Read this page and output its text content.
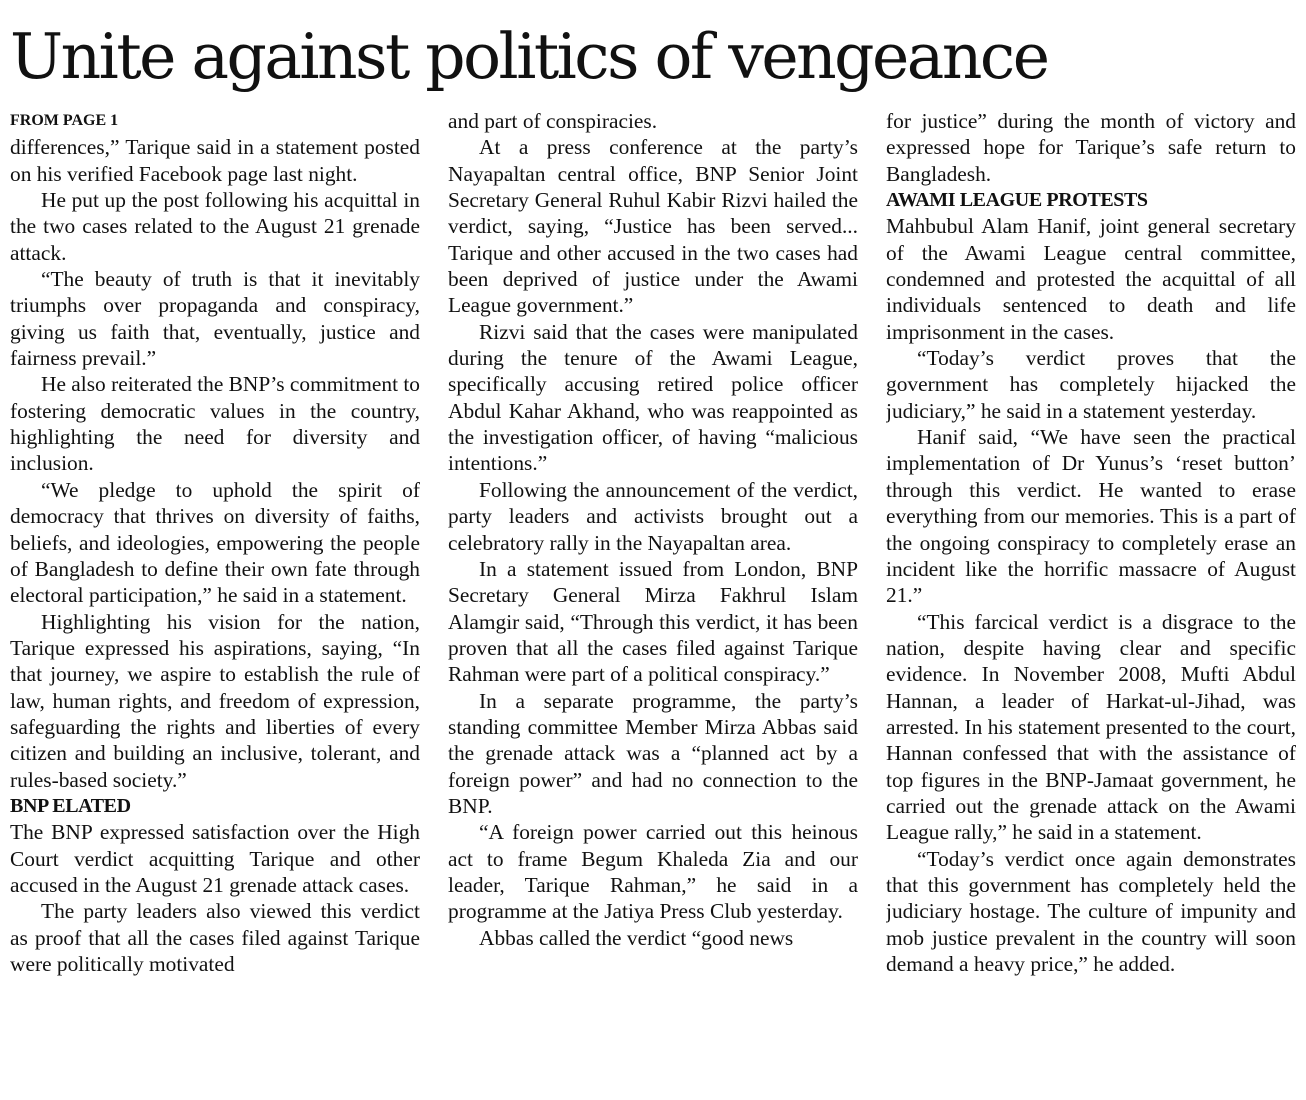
Unite against politics of vengeance
FROM PAGE 1

differences,” Tarique said in a statement posted on his verified Facebook page last night.

He put up the post following his acquittal in the two cases related to the August 21 grenade attack.

“The beauty of truth is that it inevitably triumphs over propaganda and conspiracy, giving us faith that, eventually, justice and fairness prevail.”

He also reiterated the BNP’s commitment to fostering democratic values in the country, highlighting the need for diversity and inclusion.

“We pledge to uphold the spirit of democracy that thrives on diversity of faiths, beliefs, and ideologies, empowering the people of Bangladesh to define their own fate through electoral participation,” he said in a statement.

Highlighting his vision for the nation, Tarique expressed his aspirations, saying, “In that journey, we aspire to establish the rule of law, human rights, and freedom of expression, safeguarding the rights and liberties of every citizen and building an inclusive, tolerant, and rules-based society.”

BNP ELATED

The BNP expressed satisfaction over the High Court verdict acquitting Tarique and other accused in the August 21 grenade attack cases.

The party leaders also viewed this verdict as proof that all the cases filed against Tarique were politically motivated

and part of conspiracies.

At a press conference at the party’s Nayapaltan central office, BNP Senior Joint Secretary General Ruhul Kabir Rizvi hailed the verdict, saying, “Justice has been served... Tarique and other accused in the two cases had been deprived of justice under the Awami League government.”

Rizvi said that the cases were manipulated during the tenure of the Awami League, specifically accusing retired police officer Abdul Kahar Akhand, who was reappointed as the investigation officer, of having “malicious intentions.”

Following the announcement of the verdict, party leaders and activists brought out a celebratory rally in the Nayapaltan area.

In a statement issued from London, BNP Secretary General Mirza Fakhrul Islam Alamgir said, “Through this verdict, it has been proven that all the cases filed against Tarique Rahman were part of a political conspiracy.”

In a separate programme, the party’s standing committee Member Mirza Abbas said the grenade attack was a “planned act by a foreign power” and had no connection to the BNP.

“A foreign power carried out this heinous act to frame Begum Khaleda Zia and our leader, Tarique Rahman,” he said in a programme at the Jatiya Press Club yesterday.

Abbas called the verdict “good news

for justice” during the month of victory and expressed hope for Tarique’s safe return to Bangladesh.

AWAMI LEAGUE PROTESTS

Mahbubul Alam Hanif, joint general secretary of the Awami League central committee, condemned and protested the acquittal of all individuals sentenced to death and life imprisonment in the cases.

“Today’s verdict proves that the government has completely hijacked the judiciary,” he said in a statement yesterday.

Hanif said, “We have seen the practical implementation of Dr Yunus’s ‘reset button’ through this verdict. He wanted to erase everything from our memories. This is a part of the ongoing conspiracy to completely erase an incident like the horrific massacre of August 21.”

“This farcical verdict is a disgrace to the nation, despite having clear and specific evidence. In November 2008, Mufti Abdul Hannan, a leader of Harkat-ul-Jihad, was arrested. In his statement presented to the court, Hannan confessed that with the assistance of top figures in the BNP-Jamaat government, he carried out the grenade attack on the Awami League rally,” he said in a statement.

“Today’s verdict once again demonstrates that this government has completely held the judiciary hostage. The culture of impunity and mob justice prevalent in the country will soon demand a heavy price,” he added.
